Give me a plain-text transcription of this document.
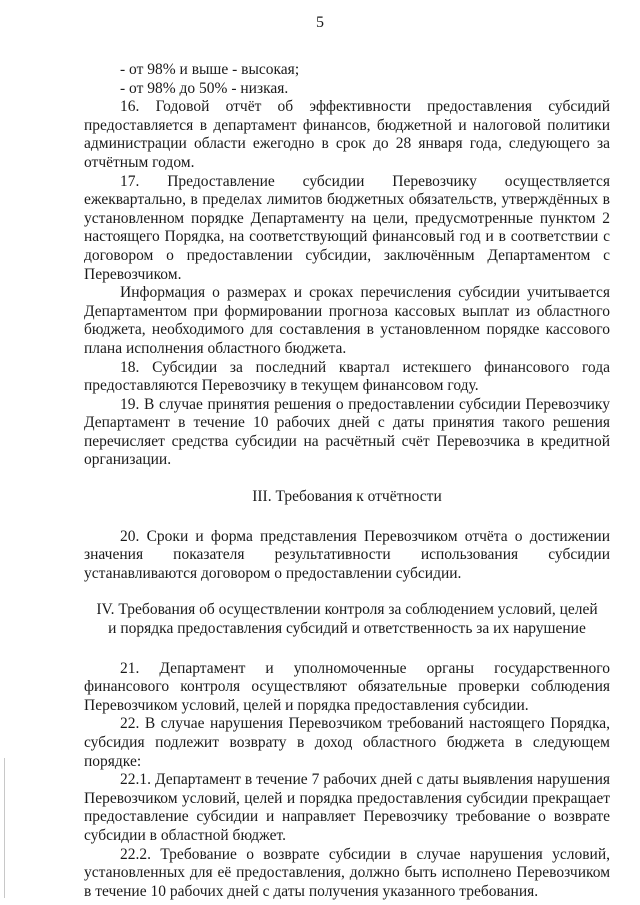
5

- от 98% и выше - высокая;

- от 98% до 50% - низкая.

16. Годовой отчёт об эффективности предоставления субсидий предоставляется в департамент финансов, бюджетной и налоговой политики администрации области ежегодно в срок до 28 января года, следующего за отчётным годом.

17. Предоставление субсидии Перевозчику осуществляется ежеквартально, в пределах лимитов бюджетных обязательств, утверждённых в установленном порядке Департаменту на цели, предусмотренные пунктом 2 настоящего Порядка, на соответствующий финансовый год и в соответствии с договором о предоставлении субсидии, заключённым Департаментом с Перевозчиком.

Информация о размерах и сроках перечисления субсидии учитывается Департаментом при формировании прогноза кассовых выплат из областного бюджета, необходимого для составления в установленном порядке кассового плана исполнения областного бюджета.

18. Субсидии за последний квартал истекшего финансового года предоставляются Перевозчику в текущем финансовом году.

19. В случае принятия решения о предоставлении субсидии Перевозчику Департамент в течение 10 рабочих дней с даты принятия такого решения перечисляет средства субсидии на расчётный счёт Перевозчика в кредитной организации.

III. Требования к отчётности

20. Сроки и форма представления Перевозчиком отчёта о достижении значения показателя результативности использования субсидии устанавливаются договором о предоставлении субсидии.

IV. Требования об осуществлении контроля за соблюдением условий, целей
и порядка предоставления субсидий и ответственность за их нарушение

21. Департамент и уполномоченные органы государственного финансового контроля осуществляют обязательные проверки соблюдения Перевозчиком условий, целей и порядка предоставления субсидии.

22. В случае нарушения Перевозчиком требований настоящего Порядка, субсидия подлежит возврату в доход областного бюджета в следующем порядке:

22.1. Департамент в течение 7 рабочих дней с даты выявления нарушения Перевозчиком условий, целей и порядка предоставления субсидии прекращает предоставление субсидии и направляет Перевозчику требование о возврате субсидии в областной бюджет.

22.2. Требование о возврате субсидии в случае нарушения условий, установленных для её предоставления, должно быть исполнено Перевозчиком в течение 10 рабочих дней с даты получения указанного требования.
